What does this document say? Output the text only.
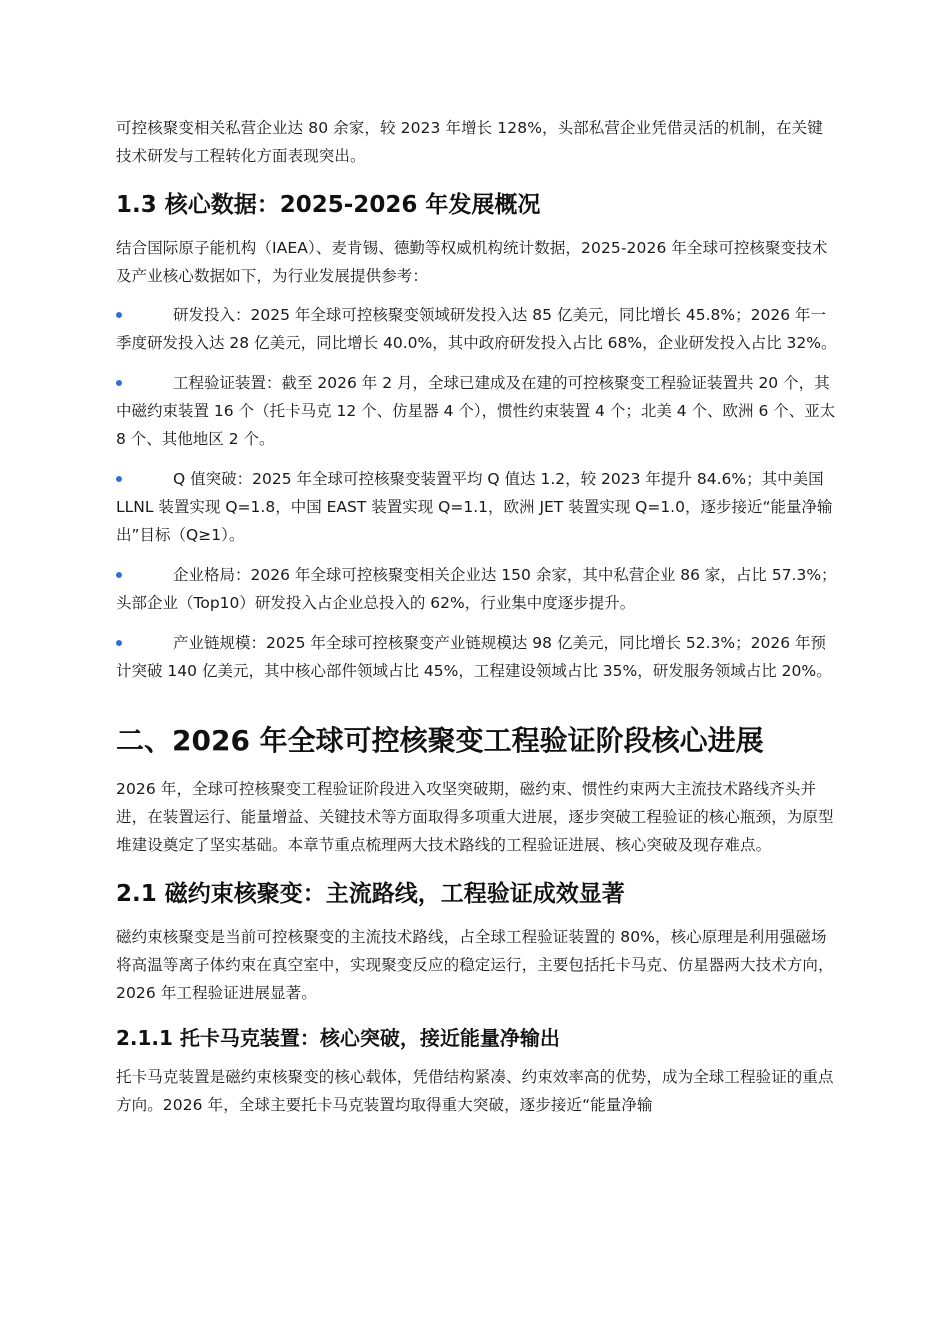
可控核聚变相关私营企业达 80 余家，较 2023 年增长 128%，头部私营企业凭借灵活的机制，在关键技术研发与工程转化方面表现突出。

1.3 核心数据：2025-2026 年发展概况

结合国际原子能机构（IAEA）、麦肯锡、德勤等权威机构统计数据，2025-2026 年全球可控核聚变技术及产业核心数据如下，为行业发展提供参考：

研发投入：2025 年全球可控核聚变领域研发投入达 85 亿美元，同比增长 45.8%；2026 年一季度研发投入达 28 亿美元，同比增长 40.0%，其中政府研发投入占比 68%，企业研发投入占比 32%。
工程验证装置：截至 2026 年 2 月，全球已建成及在建的可控核聚变工程验证装置共 20 个，其中磁约束装置 16 个（托卡马克 12 个、仿星器 4 个），惯性约束装置 4 个；北美 4 个、欧洲 6 个、亚太 8 个、其他地区 2 个。
Q 值突破：2025 年全球可控核聚变装置平均 Q 值达 1.2，较 2023 年提升 84.6%；其中美国 LLNL 装置实现 Q=1.8，中国 EAST 装置实现 Q=1.1，欧洲 JET 装置实现 Q=1.0，逐步接近“能量净输出”目标（Q≥1）。
企业格局：2026 年全球可控核聚变相关企业达 150 余家，其中私营企业 86 家，占比 57.3%；头部企业（Top10）研发投入占企业总投入的 62%，行业集中度逐步提升。
产业链规模：2025 年全球可控核聚变产业链规模达 98 亿美元，同比增长 52.3%；2026 年预计突破 140 亿美元，其中核心部件领域占比 45%，工程建设领域占比 35%，研发服务领域占比 20%。
二、2026 年全球可控核聚变工程验证阶段核心进展

2026 年，全球可控核聚变工程验证阶段进入攻坚突破期，磁约束、惯性约束两大主流技术路线齐头并进，在装置运行、能量增益、关键技术等方面取得多项重大进展，逐步突破工程验证的核心瓶颈，为原型堆建设奠定了坚实基础。本章节重点梳理两大技术路线的工程验证进展、核心突破及现存难点。

2.1 磁约束核聚变：主流路线，工程验证成效显著

磁约束核聚变是当前可控核聚变的主流技术路线，占全球工程验证装置的 80%，核心原理是利用强磁场将高温等离子体约束在真空室中，实现聚变反应的稳定运行，主要包括托卡马克、仿星器两大技术方向，2026 年工程验证进展显著。

2.1.1 托卡马克装置：核心突破，接近能量净输出

托卡马克装置是磁约束核聚变的核心载体，凭借结构紧凑、约束效率高的优势，成为全球工程验证的重点方向。2026 年，全球主要托卡马克装置均取得重大突破，逐步接近“能量净输
